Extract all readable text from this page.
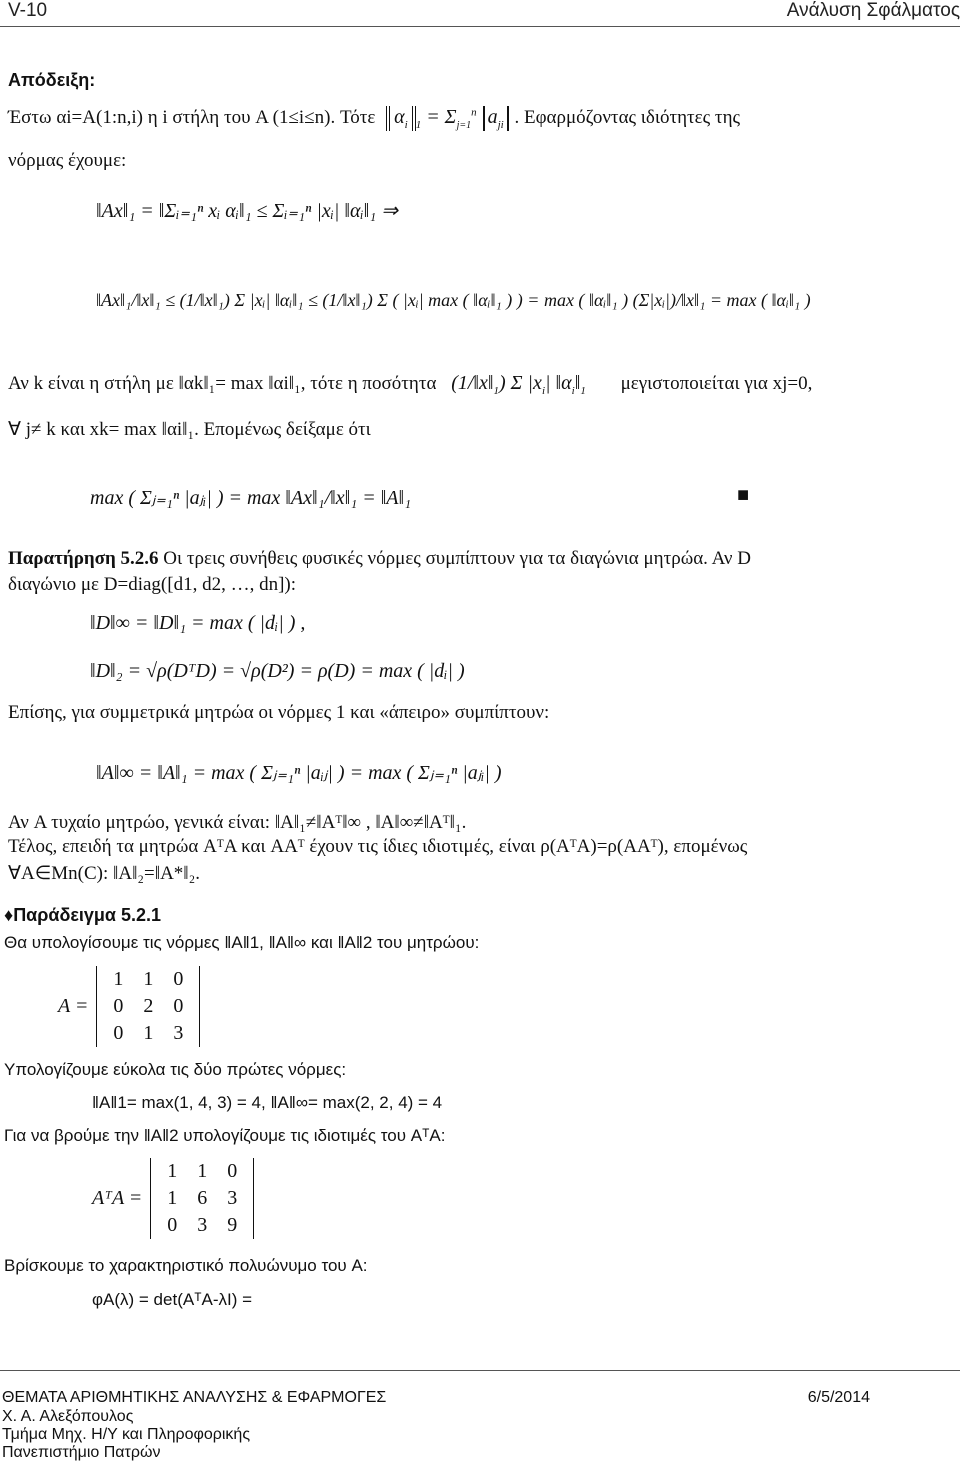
V-10	Ανάλυση Σφάλματος
Απόδειξη:
Έστω αi=A(1:n,i) η i στήλη του A (1≤i≤n). Τότε $\alpha_i$ $_1 = \Sigma_{j=1}^n$ $a_{ji}$ . Εφαρμόζοντας ιδιότητες της
νόρμας έχουμε:
‖Ax‖₁ = ‖Σᵢ₌₁ⁿ xᵢ αᵢ‖₁ ≤ Σᵢ₌₁ⁿ |xᵢ| ‖αᵢ‖₁ ⇒
‖Ax‖₁/‖x‖₁ ≤ (1/‖x‖₁) Σ |xᵢ| ‖αᵢ‖₁ ≤ (1/‖x‖₁) Σ ( |xᵢ| max ( ‖αᵢ‖₁ ) ) = max ( ‖αᵢ‖₁ ) (Σ|xᵢ|)/‖x‖₁ = max ( ‖αᵢ‖₁ )
Αν k είναι η στήλη με ‖αk‖₁= max ‖αi‖₁, τότε η ποσότητα $(1/‖x‖_1)$ Σ $|x_i|$ $‖\alpha_i‖_1$ μεγιστοποιείται για xj=0,
∀ j≠ k και xk= max ‖αi‖₁. Επομένως δείξαμε ότι
max ( Σⱼ₌₁ⁿ |aⱼᵢ| ) = max ‖Ax‖₁/‖x‖₁ = ‖A‖₁	■
Παρατήρηση 5.2.6 Οι τρεις συνήθεις φυσικές νόρμες συμπίπτουν για τα διαγώνια μητρώα. Αν D
διαγώνιο με D=diag([d1, d2, …, dn]):
‖D‖∞ = ‖D‖₁ = max ( |dᵢ| ) ,
‖D‖₂ = √ρ(DᵀD) = √ρ(D²) = ρ(D) = max ( |dᵢ| )
Επίσης, για συμμετρικά μητρώα οι νόρμες 1 και «άπειρο» συμπίπτουν:
‖A‖∞ = ‖A‖₁ = max ( Σⱼ₌₁ⁿ |aᵢⱼ| ) = max ( Σⱼ₌₁ⁿ |aⱼᵢ| )
Αν A τυχαίο μητρώο, γενικά είναι: ‖A‖₁≠‖Aᵀ‖∞ , ‖A‖∞≠‖Aᵀ‖₁.
Τέλος, επειδή τα μητρώα AᵀA και AAᵀ έχουν τις ίδιες ιδιοτιμές, είναι ρ(AᵀA)=ρ(AAᵀ), επομένως
∀A∈Mn(C): ‖A‖₂=‖A*‖₂.
♦Παράδειγμα 5.2.1
Θα υπολογίσουμε τις νόρμες ‖A‖1, ‖A‖∞ και ‖A‖2 του μητρώου:
A =
1	1	0
0	2	0
0	1	3
Υπολογίζουμε εύκολα τις δύο πρώτες νόρμες:
‖A‖1= max(1, 4, 3) = 4, ‖A‖∞= max(2, 2, 4) = 4
Για να βρούμε την ‖A‖2 υπολογίζουμε τις ιδιοτιμές του AᵀA:
AᵀA =
1	1	0
1	6	3
0	3	9
Βρίσκουμε το χαρακτηριστικό πολυώνυμο του A:
φA(λ) = det(AᵀA-λI) =
ΘΕΜΑΤΑ ΑΡΙΘΜΗΤΙΚΗΣ ΑΝΑΛΥΣΗΣ & ΕΦΑΡΜΟΓΕΣ	6/5/2014
Χ. Α. Αλεξόπουλος
Τμήμα Μηχ. Η/Υ και Πληροφορικής
Πανεπιστήμιο Πατρών
